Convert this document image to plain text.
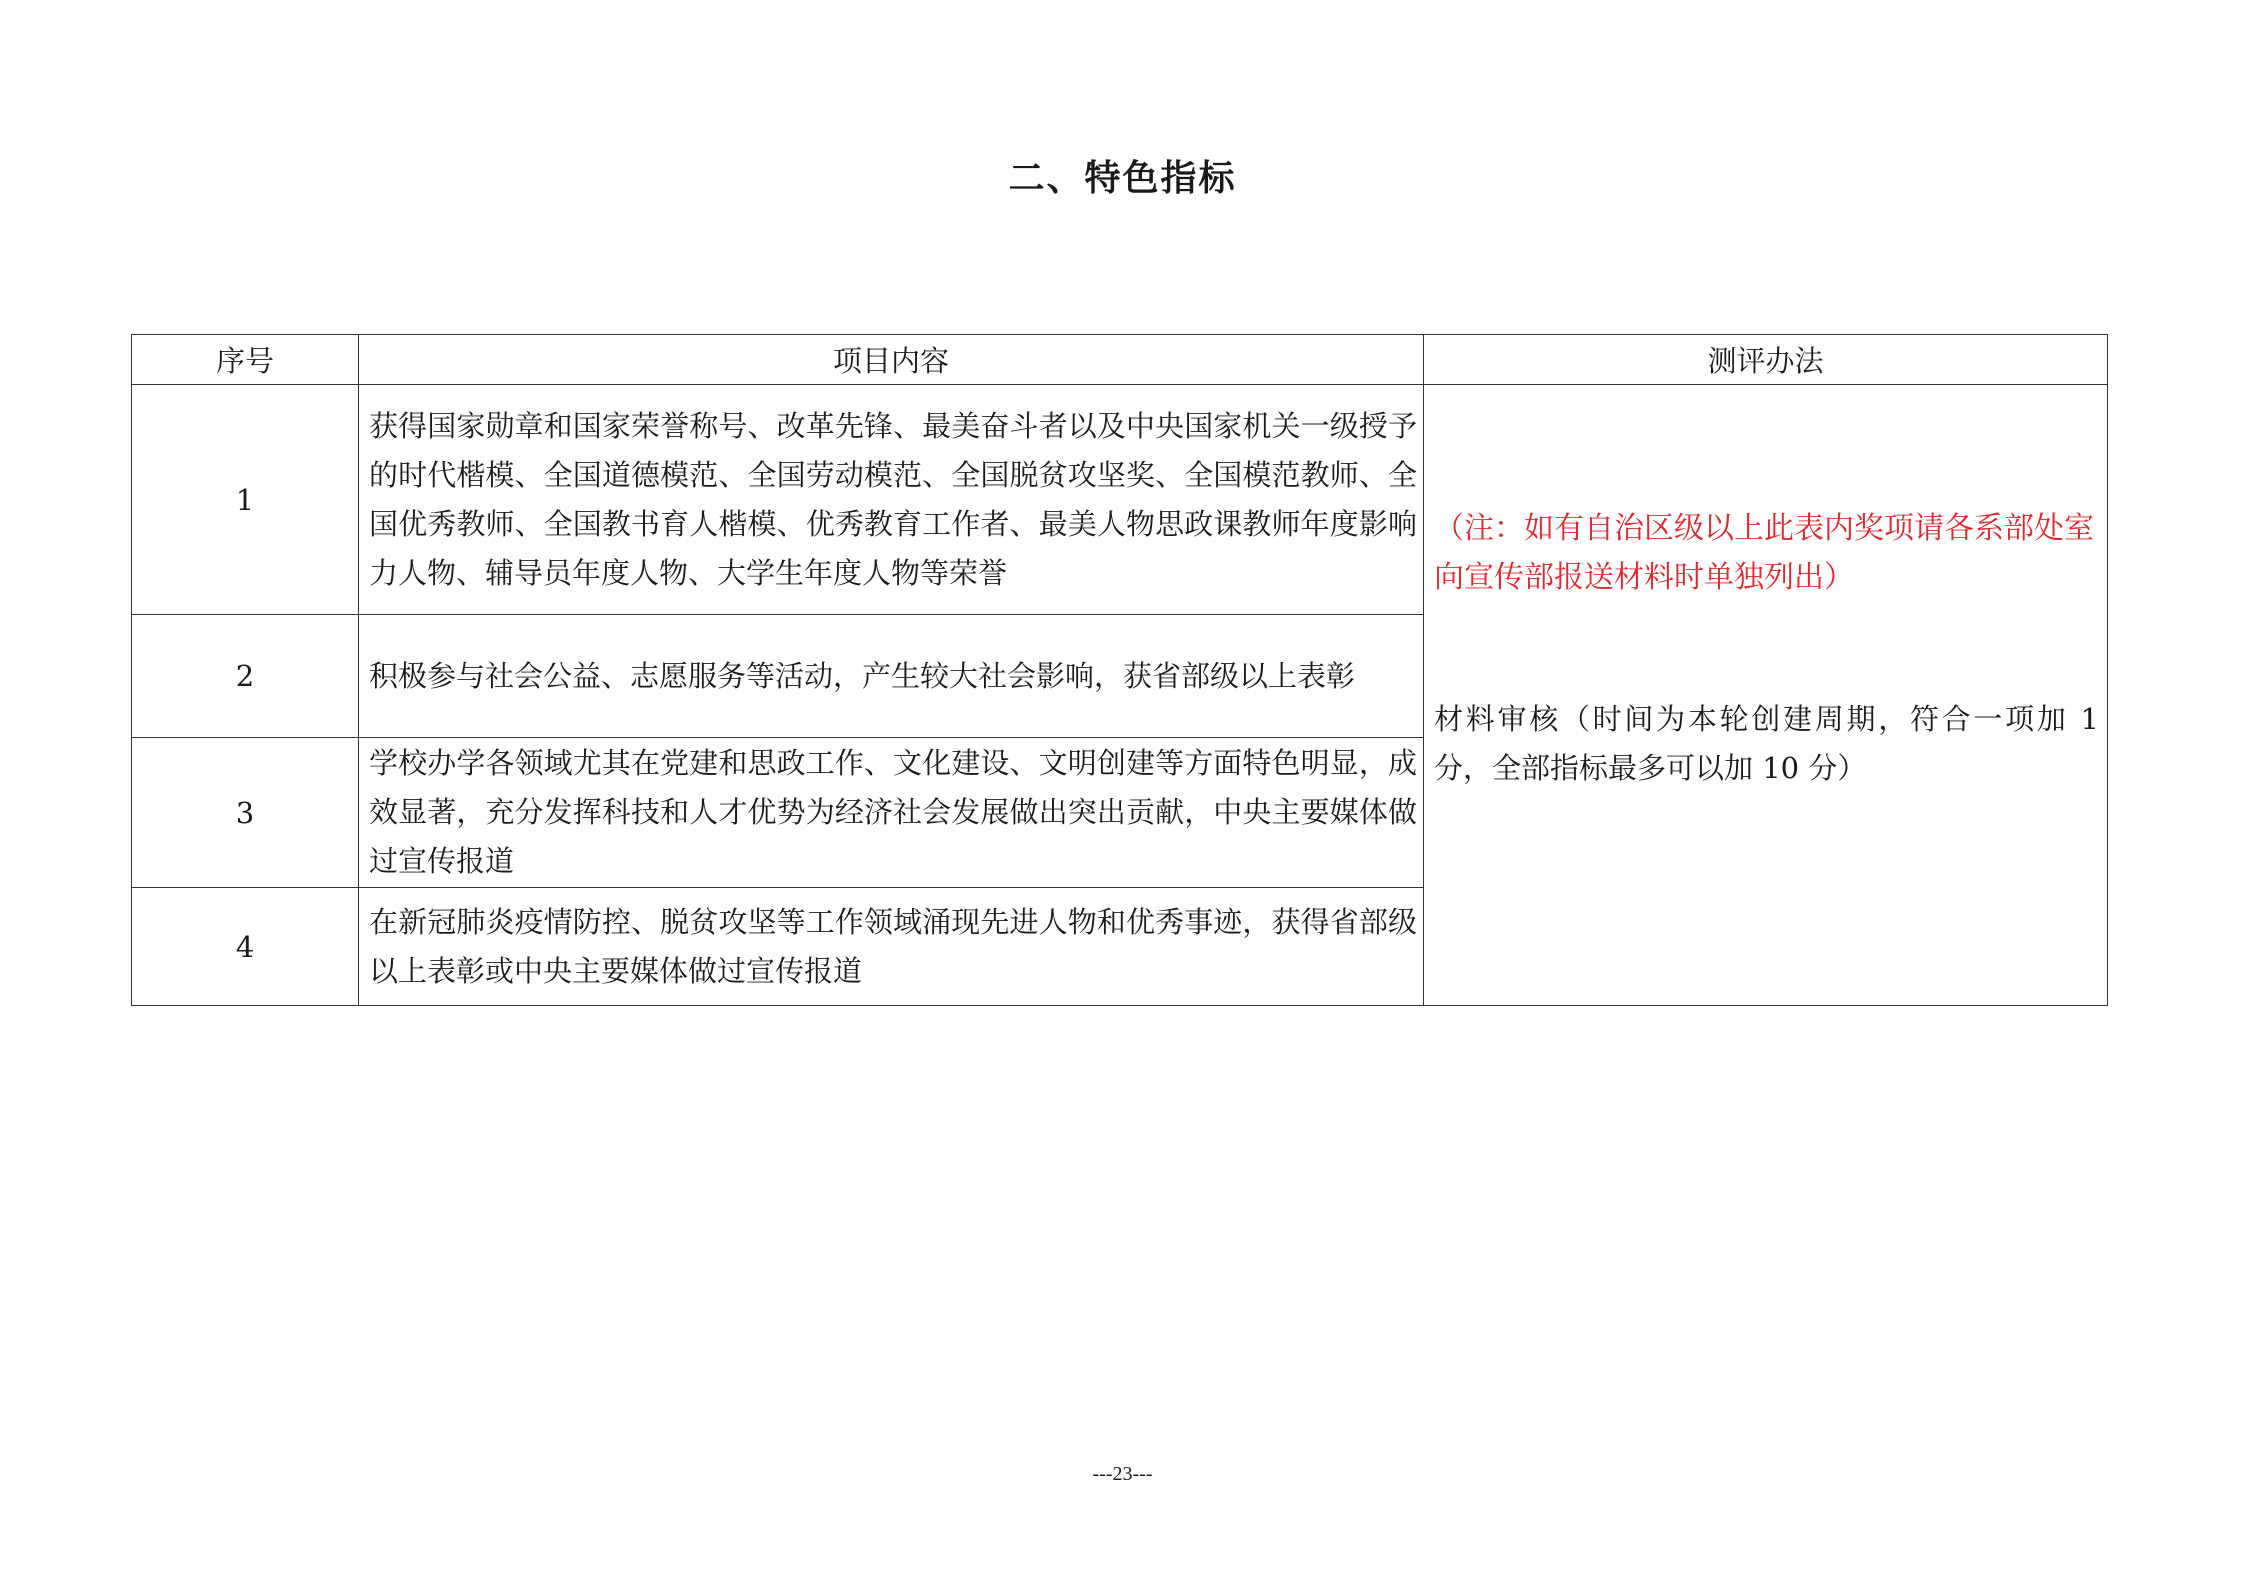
二、特色指标
序号	项目内容	测评办法
1	获得国家勋章和国家荣誉称号、改革先锋、最美奋斗者以及中央国家机关一级授予的时代楷模、全国道德模范、全国劳动模范、全国脱贫攻坚奖、全国模范教师、全国优秀教师、全国教书育人楷模、优秀教育工作者、最美人物思政课教师年度影响力人物、辅导员年度人物、大学生年度人物等荣誉	（注：如有自治区级以上此表内奖项请各系部处室向宣传部报送材料时单独列出）
材料审核（时间为本轮创建周期，符合一项加 1 分，全部指标最多可以加 10 分）

2	积极参与社会公益、志愿服务等活动，产生较大社会影响，获省部级以上表彰	
3	学校办学各领域尤其在党建和思政工作、文化建设、文明创建等方面特色明显，成效显著，充分发挥科技和人才优势为经济社会发展做出突出贡献，中央主要媒体做过宣传报道	
4	在新冠肺炎疫情防控、脱贫攻坚等工作领域涌现先进人物和优秀事迹，获得省部级以上表彰或中央主要媒体做过宣传报道	
---23---
